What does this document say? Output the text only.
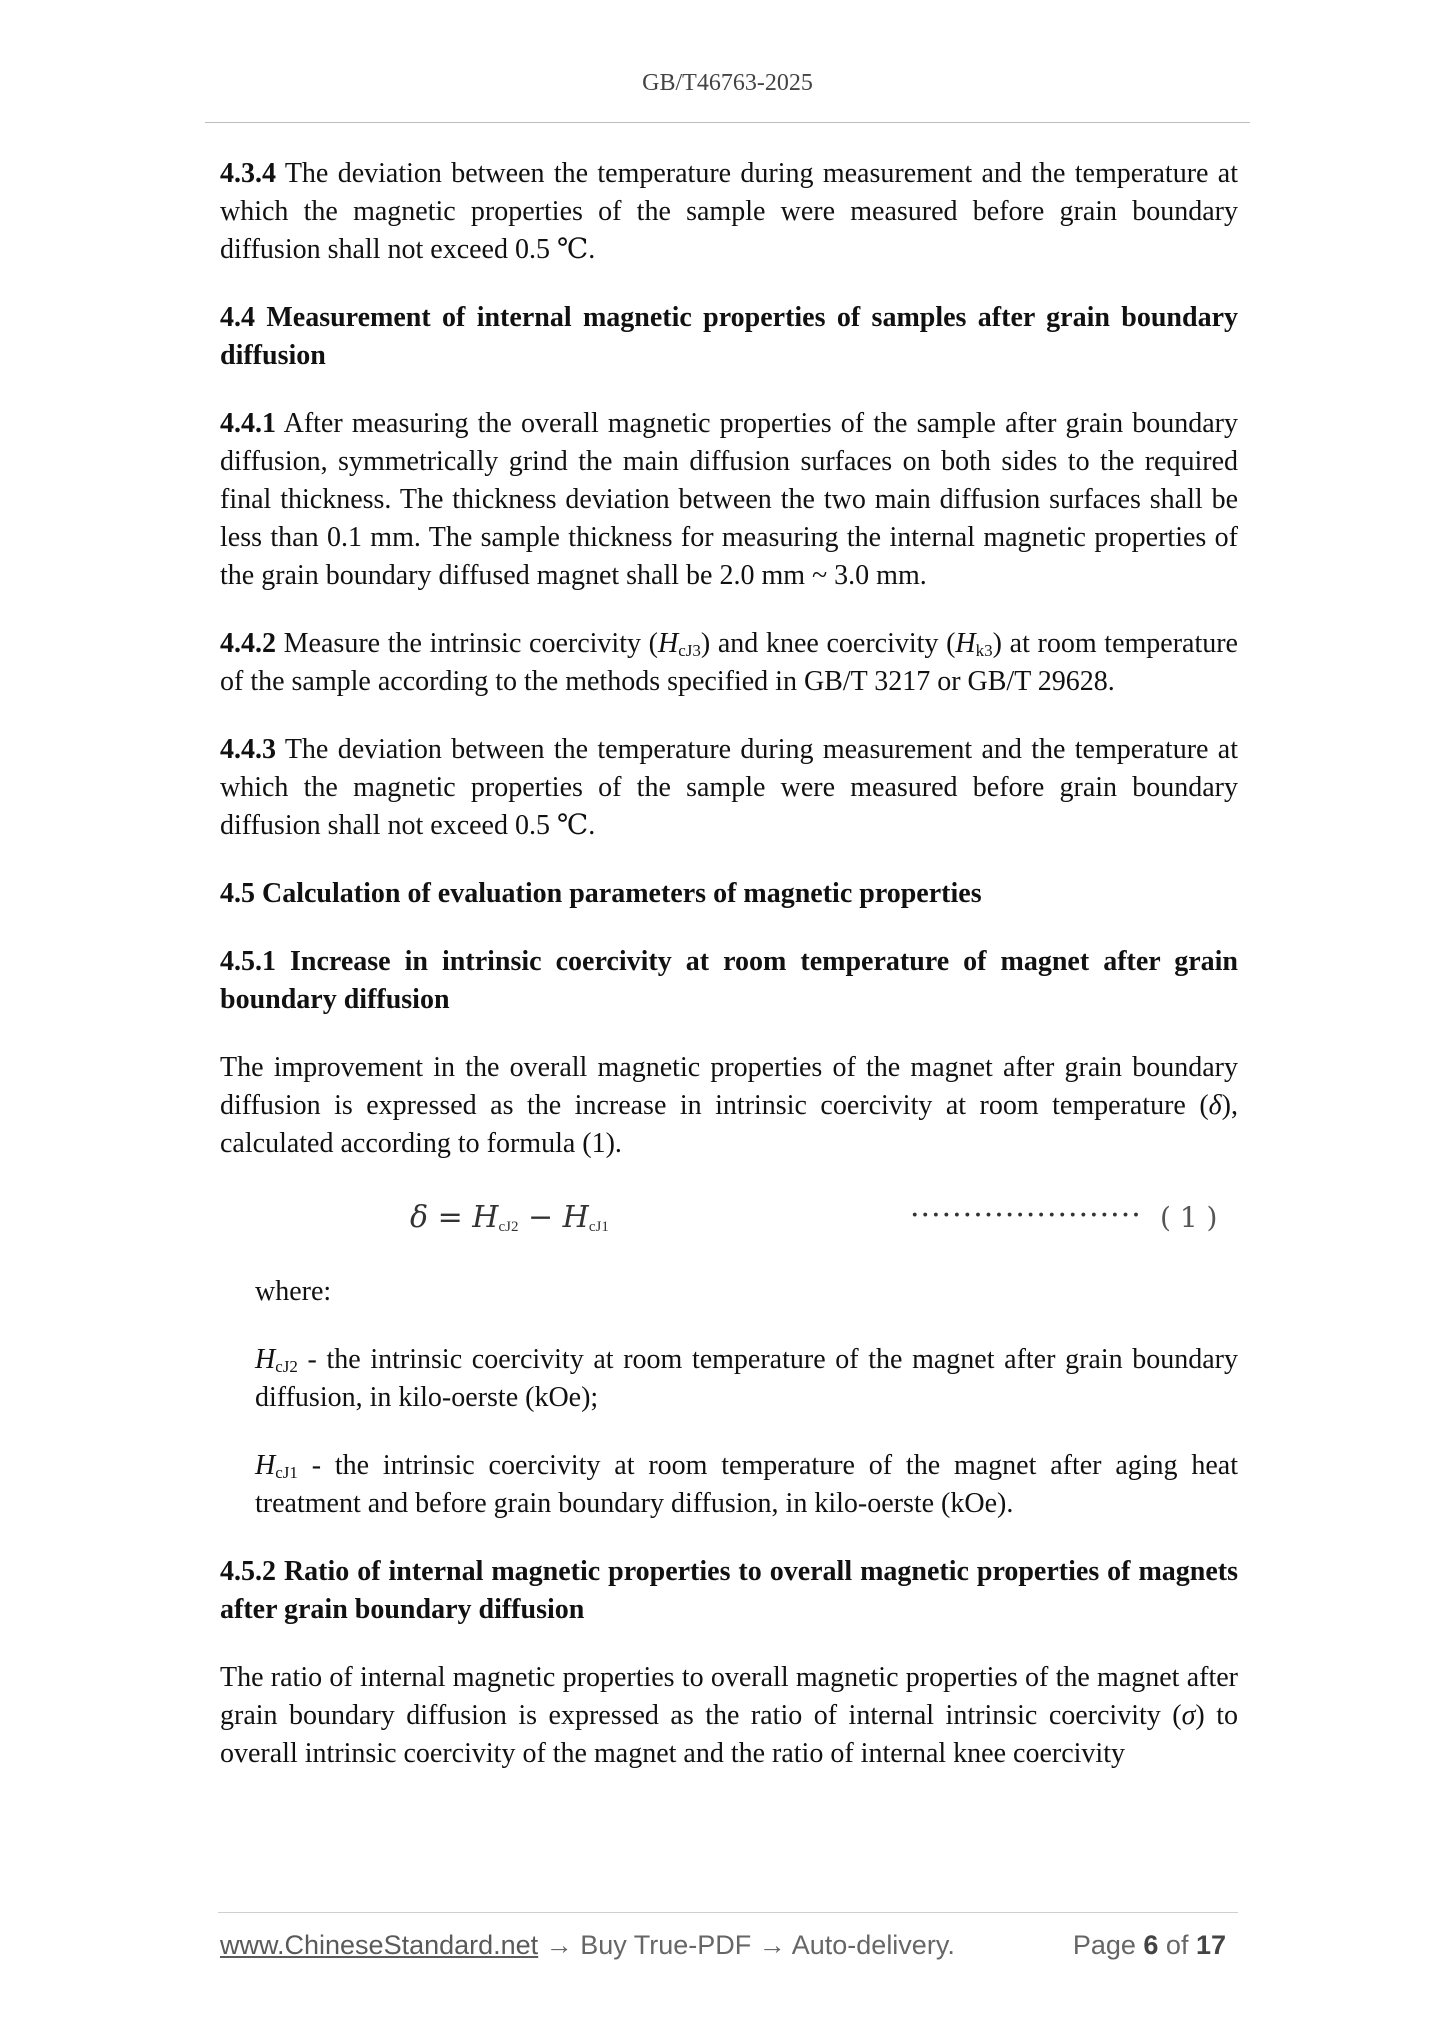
GB/T46763-2025

4.3.4 The deviation between the temperature during measurement and the temperature at which the magnetic properties of the sample were measured before grain boundary diffusion shall not exceed 0.5 ℃.

4.4 Measurement of internal magnetic properties of samples after grain boundary diffusion

4.4.1 After measuring the overall magnetic properties of the sample after grain boundary diffusion, symmetrically grind the main diffusion surfaces on both sides to the required final thickness. The thickness deviation between the two main diffusion surfaces shall be less than 0.1 mm. The sample thickness for measuring the internal magnetic properties of the grain boundary diffused magnet shall be 2.0 mm ~ 3.0 mm.

4.4.2 Measure the intrinsic coercivity $(H_{cJ3})$ and knee coercivity $(H_{k3})$ at room temperature of the sample according to the methods specified in GB/T 3217 or GB/T 29628.

4.4.3 The deviation between the temperature during measurement and the temperature at which the magnetic properties of the sample were measured before grain boundary diffusion shall not exceed 0.5 ℃.

4.5 Calculation of evaluation parameters of magnetic properties

4.5.1 Increase in intrinsic coercivity at room temperature of magnet after grain boundary diffusion

The improvement in the overall magnetic properties of the magnet after grain boundary diffusion is expressed as the increase in intrinsic coercivity at room temperature (δ), calculated according to formula (1).

$\delta = H_{cJ2} - H_{cJ1}$	······················ ( 1 )

where:

$H_{cJ2}$ - the intrinsic coercivity at room temperature of the magnet after grain boundary diffusion, in kilo-oerste (kOe);

$H_{cJ1}$ - the intrinsic coercivity at room temperature of the magnet after aging heat treatment and before grain boundary diffusion, in kilo-oerste (kOe).

4.5.2 Ratio of internal magnetic properties to overall magnetic properties of magnets after grain boundary diffusion

The ratio of internal magnetic properties to overall magnetic properties of the magnet after grain boundary diffusion is expressed as the ratio of internal intrinsic coercivity (σ) to overall intrinsic coercivity of the magnet and the ratio of internal knee coercivity

www.ChineseStandard.net → Buy True-PDF → Auto-delivery.	Page 6 of 17
